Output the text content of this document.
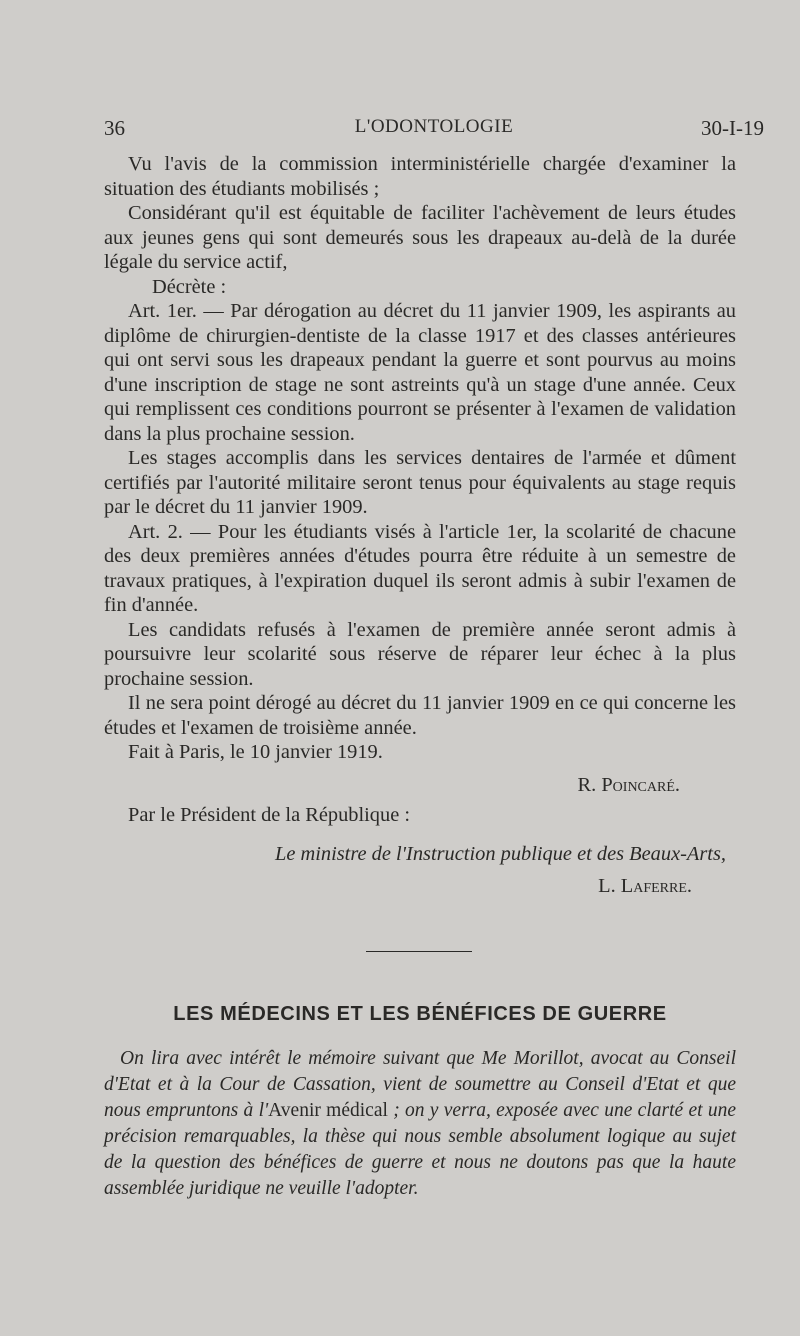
36	L'ODONTOLOGIE	30-I-19

Vu l'avis de la commission interministérielle chargée d'examiner la situation des étudiants mobilisés ;

Considérant qu'il est équitable de faciliter l'achèvement de leurs études aux jeunes gens qui sont demeurés sous les drapeaux au-delà de la durée légale du service actif,

Décrète :

Art. 1er. — Par dérogation au décret du 11 janvier 1909, les aspirants au diplôme de chirurgien-dentiste de la classe 1917 et des classes antérieures qui ont servi sous les drapeaux pendant la guerre et sont pourvus au moins d'une inscription de stage ne sont astreints qu'à un stage d'une année. Ceux qui remplissent ces conditions pourront se présenter à l'examen de validation dans la plus prochaine session.

Les stages accomplis dans les services dentaires de l'armée et dûment certifiés par l'autorité militaire seront tenus pour équivalents au stage requis par le décret du 11 janvier 1909.

Art. 2. — Pour les étudiants visés à l'article 1er, la scolarité de chacune des deux premières années d'études pourra être réduite à un semestre de travaux pratiques, à l'expiration duquel ils seront admis à subir l'examen de fin d'année.

Les candidats refusés à l'examen de première année seront admis à poursuivre leur scolarité sous réserve de réparer leur échec à la plus prochaine session.

Il ne sera point dérogé au décret du 11 janvier 1909 en ce qui concerne les études et l'examen de troisième année.

Fait à Paris, le 10 janvier 1919.

R. Poincaré.

Par le Président de la République :

Le ministre de l'Instruction publique et des Beaux-Arts,
L. Laferre.
LES MÉDECINS ET LES BÉNÉFICES DE GUERRE
On lira avec intérêt le mémoire suivant que Me Morillot, avocat au Conseil d'Etat et à la Cour de Cassation, vient de soumettre au Conseil d'Etat et que nous empruntons à l'Avenir médical ; on y verra, exposée avec une clarté et une précision remarquables, la thèse qui nous semble absolument logique au sujet de la question des bénéfices de guerre et nous ne doutons pas que la haute assemblée juridique ne veuille l'adopter.
